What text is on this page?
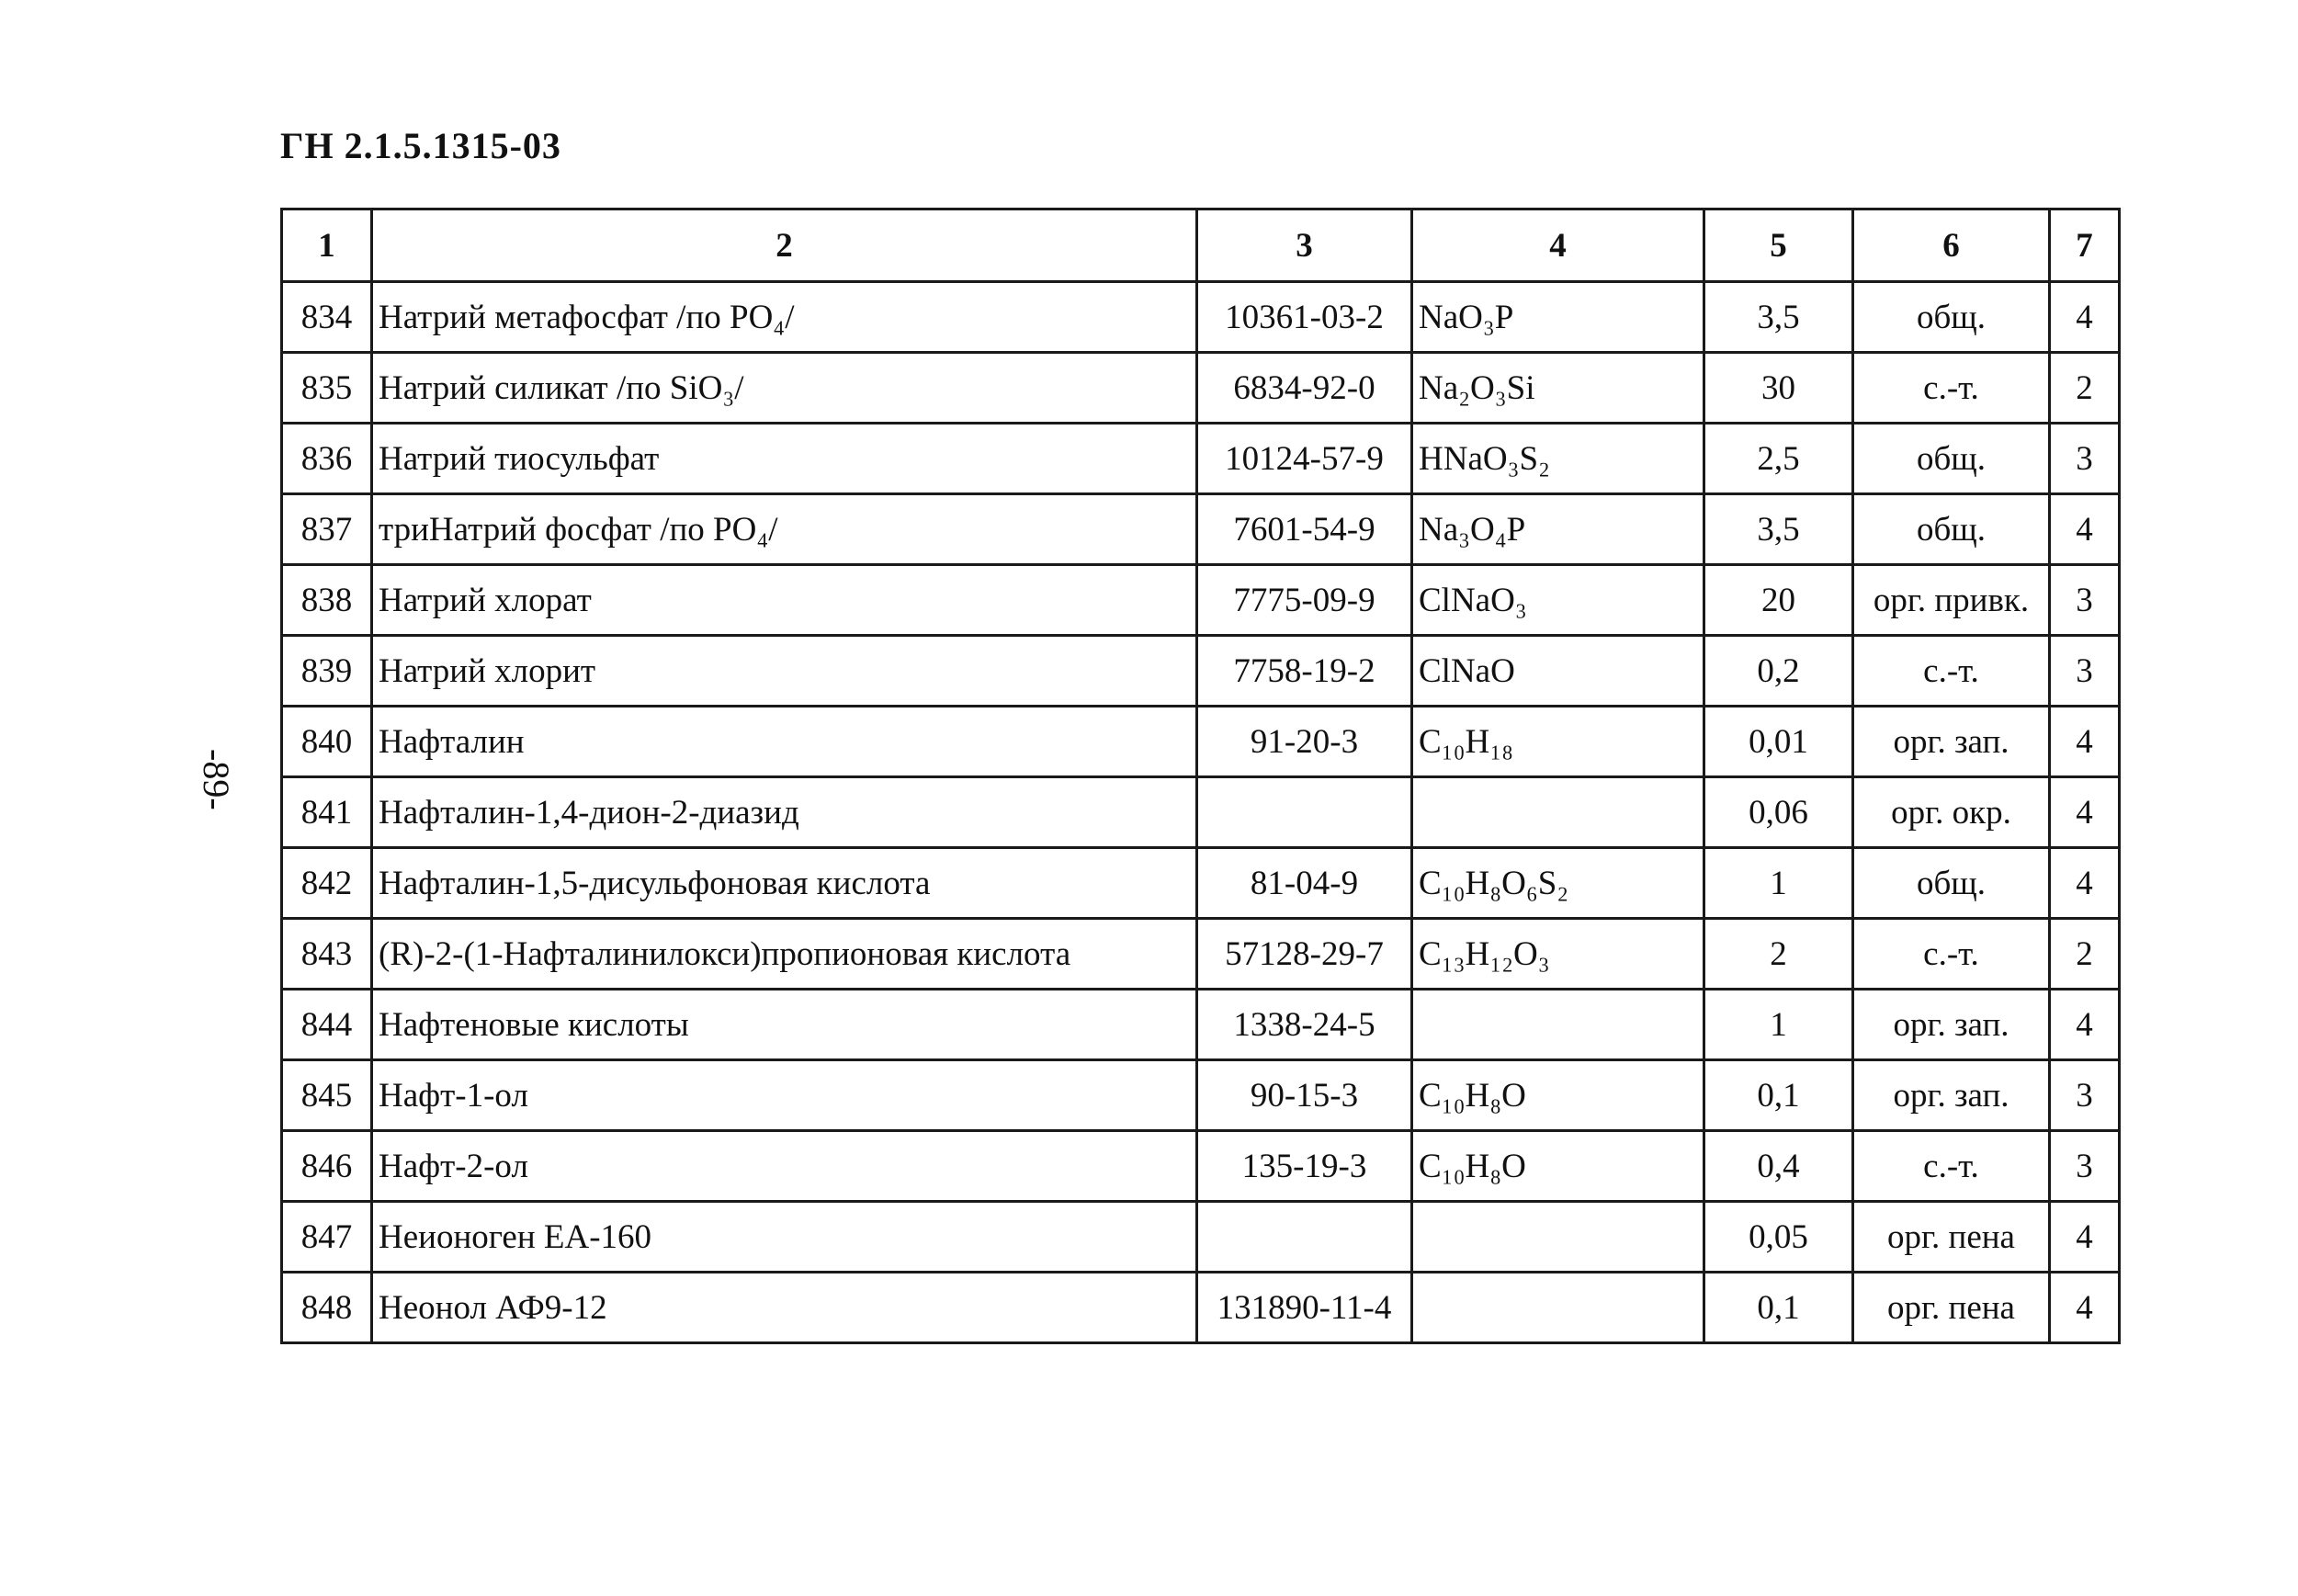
ГН 2.1.5.1315-03
-89-
1	2	3	4	5	6	7
834	Натрий метафосфат /по PO₄/	10361-03-2	NaO₃P	3,5	общ.	4
835	Натрий силикат /по SiO₃/	6834-92-0	Na₂O₃Si	30	с.-т.	2
836	Натрий тиосульфат	10124-57-9	HNaO₃S₂	2,5	общ.	3
837	триНатрий фосфат /по PO₄/	7601-54-9	Na₃O₄P	3,5	общ.	4
838	Натрий хлорат	7775-09-9	ClNaO₃	20	орг. привк.	3
839	Натрий хлорит	7758-19-2	ClNaO	0,2	с.-т.	3
840	Нафталин	91-20-3	C₁₀H₁₈	0,01	орг. зап.	4
841	Нафталин-1,4-дион-2-диазид			0,06	орг. окр.	4
842	Нафталин-1,5-дисульфоновая кислота	81-04-9	C₁₀H₈O₆S₂	1	общ.	4
843	(R)-2-(1-Нафталинилокси)пропионовая кислота	57128-29-7	C₁₃H₁₂O₃	2	с.-т.	2
844	Нафтеновые кислоты	1338-24-5		1	орг. зап.	4
845	Нафт-1-ол	90-15-3	C₁₀H₈O	0,1	орг. зап.	3
846	Нафт-2-ол	135-19-3	C₁₀H₈O	0,4	с.-т.	3
847	Неионоген ЕА-160			0,05	орг. пена	4
848	Неонол АФ9-12	131890-11-4		0,1	орг. пена	4
